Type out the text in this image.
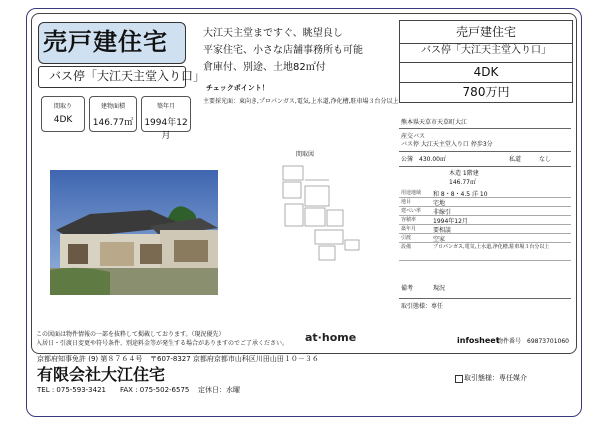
売戸建住宅
バス停「大江天主堂入り口」
大江天主堂まですぐ、眺望良し
平家住宅、小さな店舗事務所も可能
倉庫付、別途、土地82㎡付
チェックポイント！
主要採光面：東向き,プロパンガス,電気,上水道,浄化槽,駐車場３台分以上
間取り
4DK
建物面積
146.77㎡
築年月
1994年12月
間取図
売戸建住宅
バス停「大江天主堂入り口」
4DK
780万円
熊本県天草市天草町大江
産交バス
バス停 大江天主堂入り口 停歩3分
公簿 430.00㎡	私道	なし
木造 1階建
146.77㎡
用途地域 和 8・8・4.5 洋 10
地目	宅地
建ぺい率 非線引
容積率	1994年12月
築年月	要相談
引渡	空家
設備	プロパンガス,電気,上水道,浄化槽,駐車場３台分以上
備考	現況
取引態様：専任
この図面は物件情報の一部を抜粋して掲載しております。（現況優先）
入居日・引渡日変更や符号条件、別途料金等が発生する場合がありますのでご了承ください。 at·home	infosheet
物件番号 69873701060
京都府知事免許 (9) 第８７６４号 〒607-8327 京都府京都市山科区川田山田１０－３６
有限会社大江住宅
TEL : 075-593-3421 FAX : 075-502-6575 定休日：水曜
取引態様：専任媒介
